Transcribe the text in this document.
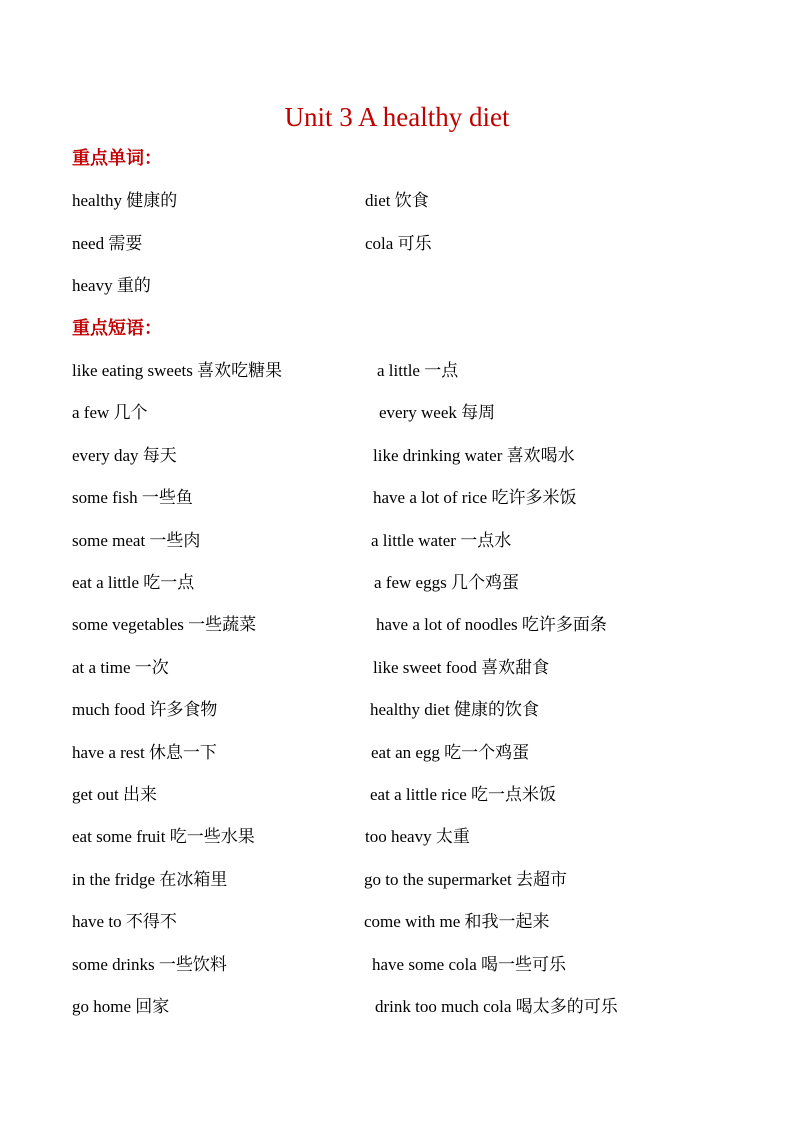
Unit 3 A healthy diet
重点单词：
healthy 健康的	diet 饮食
need 需要	cola 可乐
heavy 重的
重点短语：
like eating sweets 喜欢吃糖果	a little 一点
a few 几个	every week 每周
every day 每天	like drinking water 喜欢喝水
some fish 一些鱼	have a lot of rice 吃许多米饭
some meat 一些肉	a little water 一点水
eat a little 吃一点	a few eggs 几个鸡蛋
some vegetables 一些蔬菜	have a lot of noodles 吃许多面条
at a time 一次	like sweet food 喜欢甜食
much food 许多食物	healthy diet 健康的饮食
have a rest 休息一下	eat an egg 吃一个鸡蛋
get out 出来	eat a little rice 吃一点米饭
eat some fruit 吃一些水果	too heavy 太重
in the fridge 在冰箱里	go to the supermarket 去超市
have to 不得不	come with me 和我一起来
some drinks 一些饮料	have some cola 喝一些可乐
go home 回家	drink too much cola 喝太多的可乐
